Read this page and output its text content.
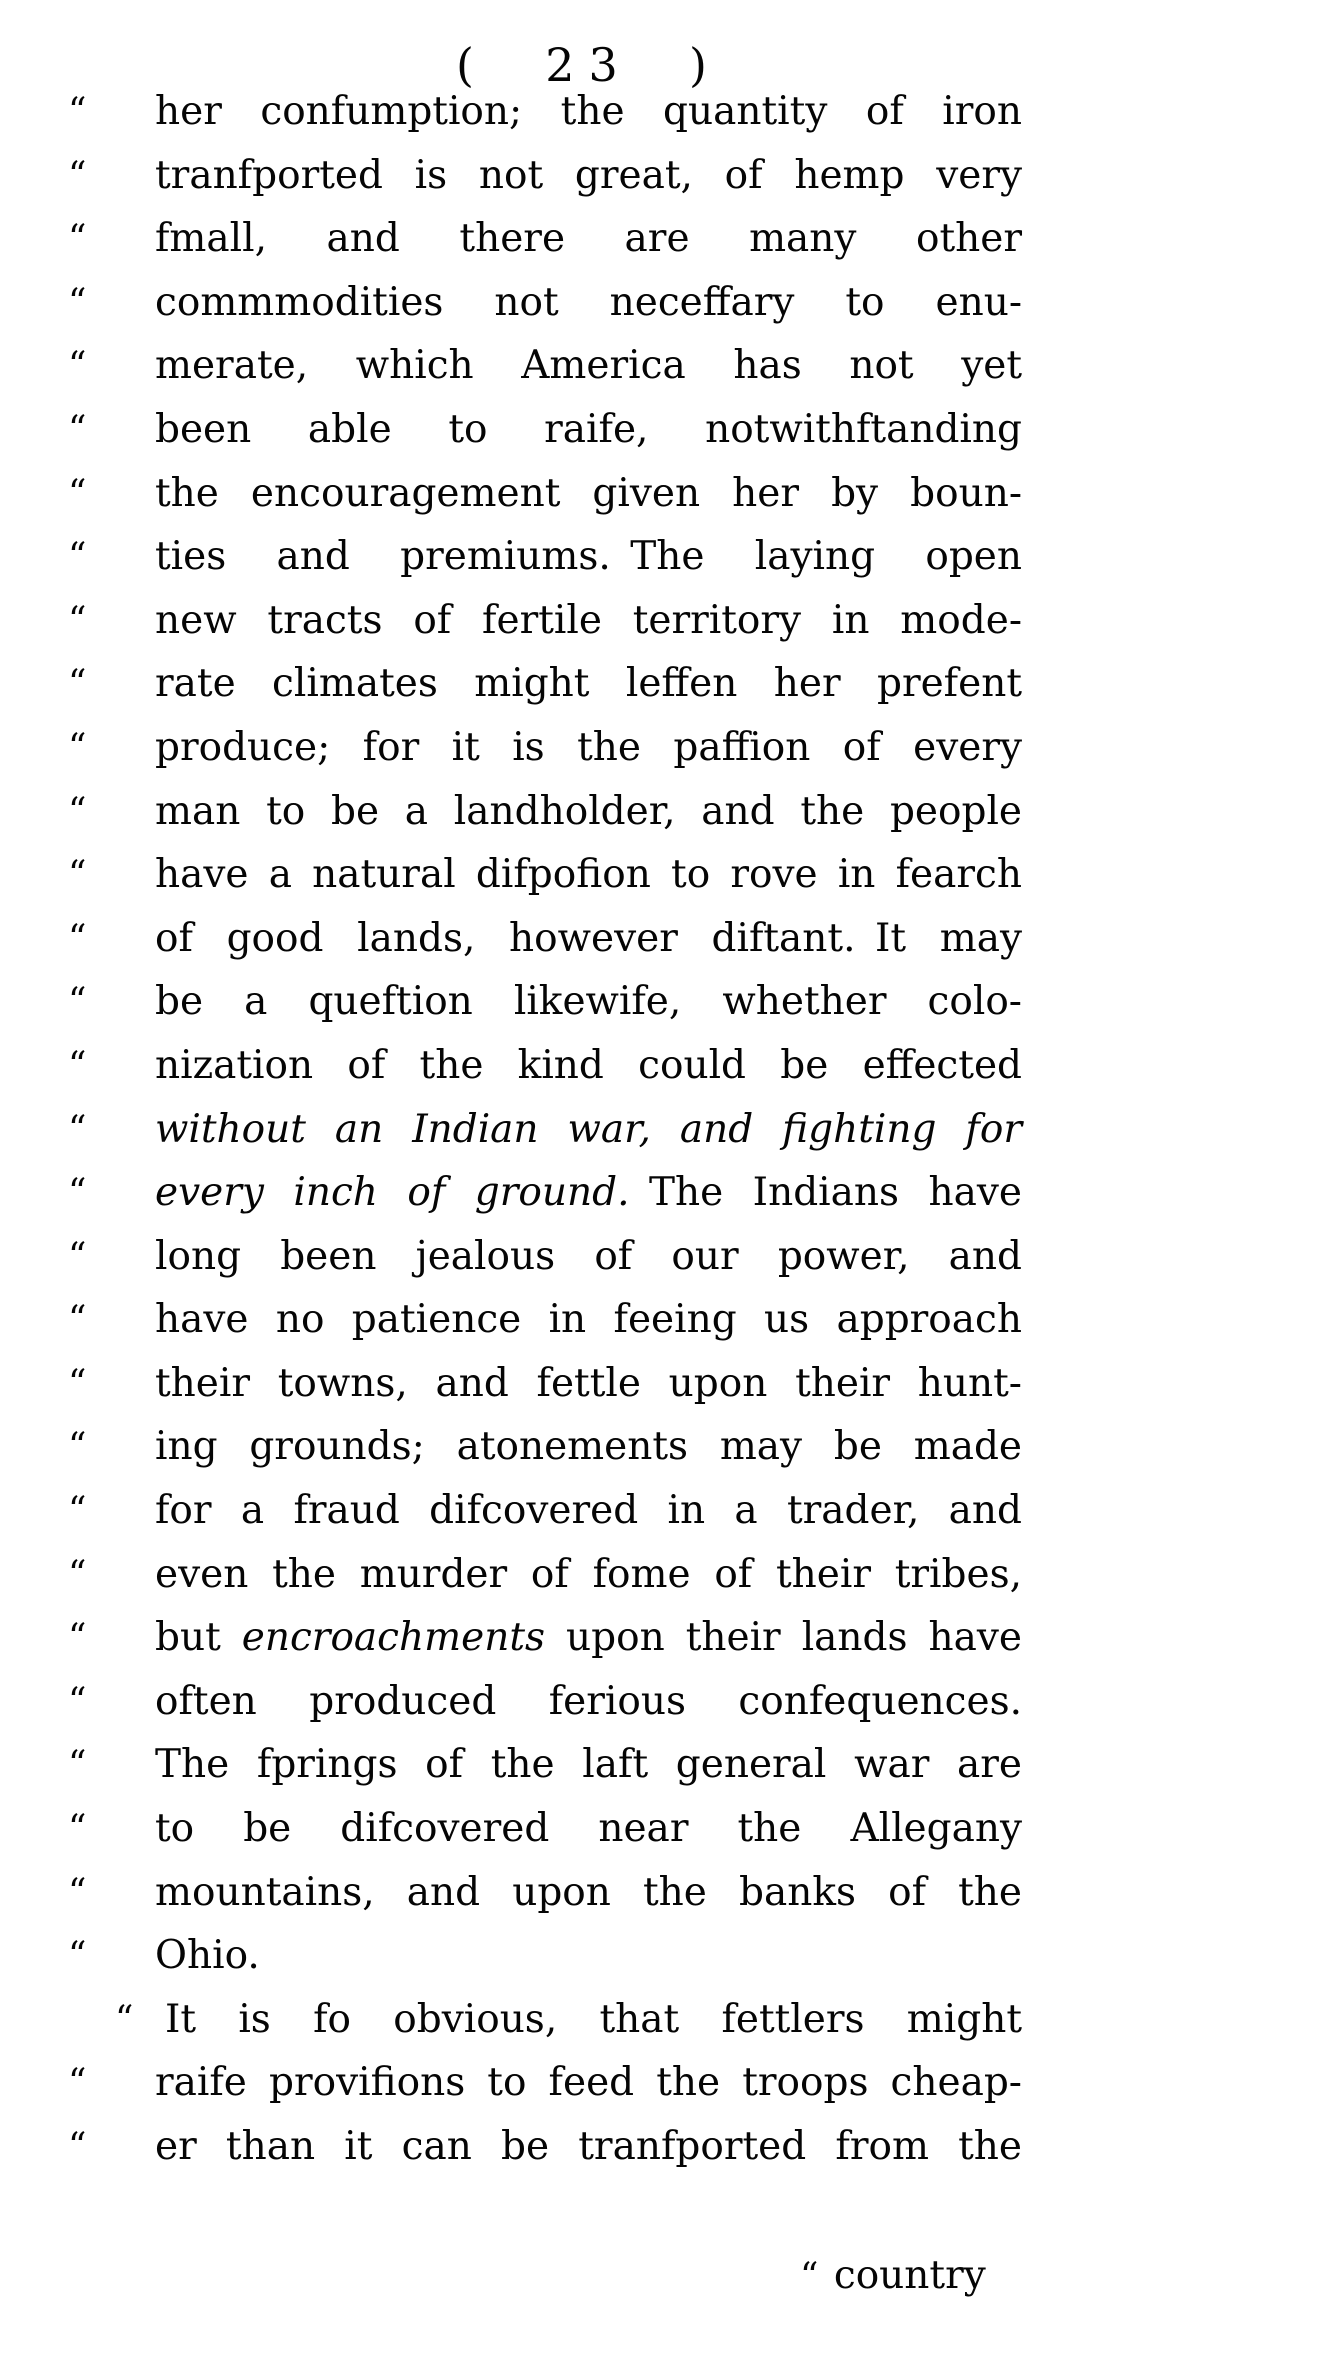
(  23  )
“ her confumption; the quantity of iron
“ tranfported is not great, of hemp very
“ fmall, and there are many other
“ commmodities not neceffary to enu-
“ merate, which America has not yet
“ been able to raife, notwithftanding
“ the encouragement given her by boun-
“ ties and premiums. The laying open
“ new tracts of fertile territory in mode-
“ rate climates might leffen her prefent
“ produce; for it is the paffion of every
“ man to be a landholder, and the people
“ have a natural difpofion to rove in fearch
“ of good lands, however diftant. It may
“ be a queftion likewife, whether colo-
“ nization of the kind could be effected
“ without an Indian war, and fighting for
“ every inch of ground. The Indians have
“ long been jealous of our power, and
“ have no patience in feeing us approach
“ their towns, and fettle upon their hunt-
“ ing grounds; atonements may be made
“ for a fraud difcovered in a trader, and
“ even the murder of fome of their tribes,
“ but encroachments upon their lands have
“ often produced ferious confequences.
“ The fprings of the laft general war are
“ to be difcovered near the Allegany
“ mountains, and upon the banks of the
“ Ohio.
“ It is fo obvious, that fettlers might
“ raife provifions to feed the troops cheap-
“ er than it can be tranfported from the
“ country
